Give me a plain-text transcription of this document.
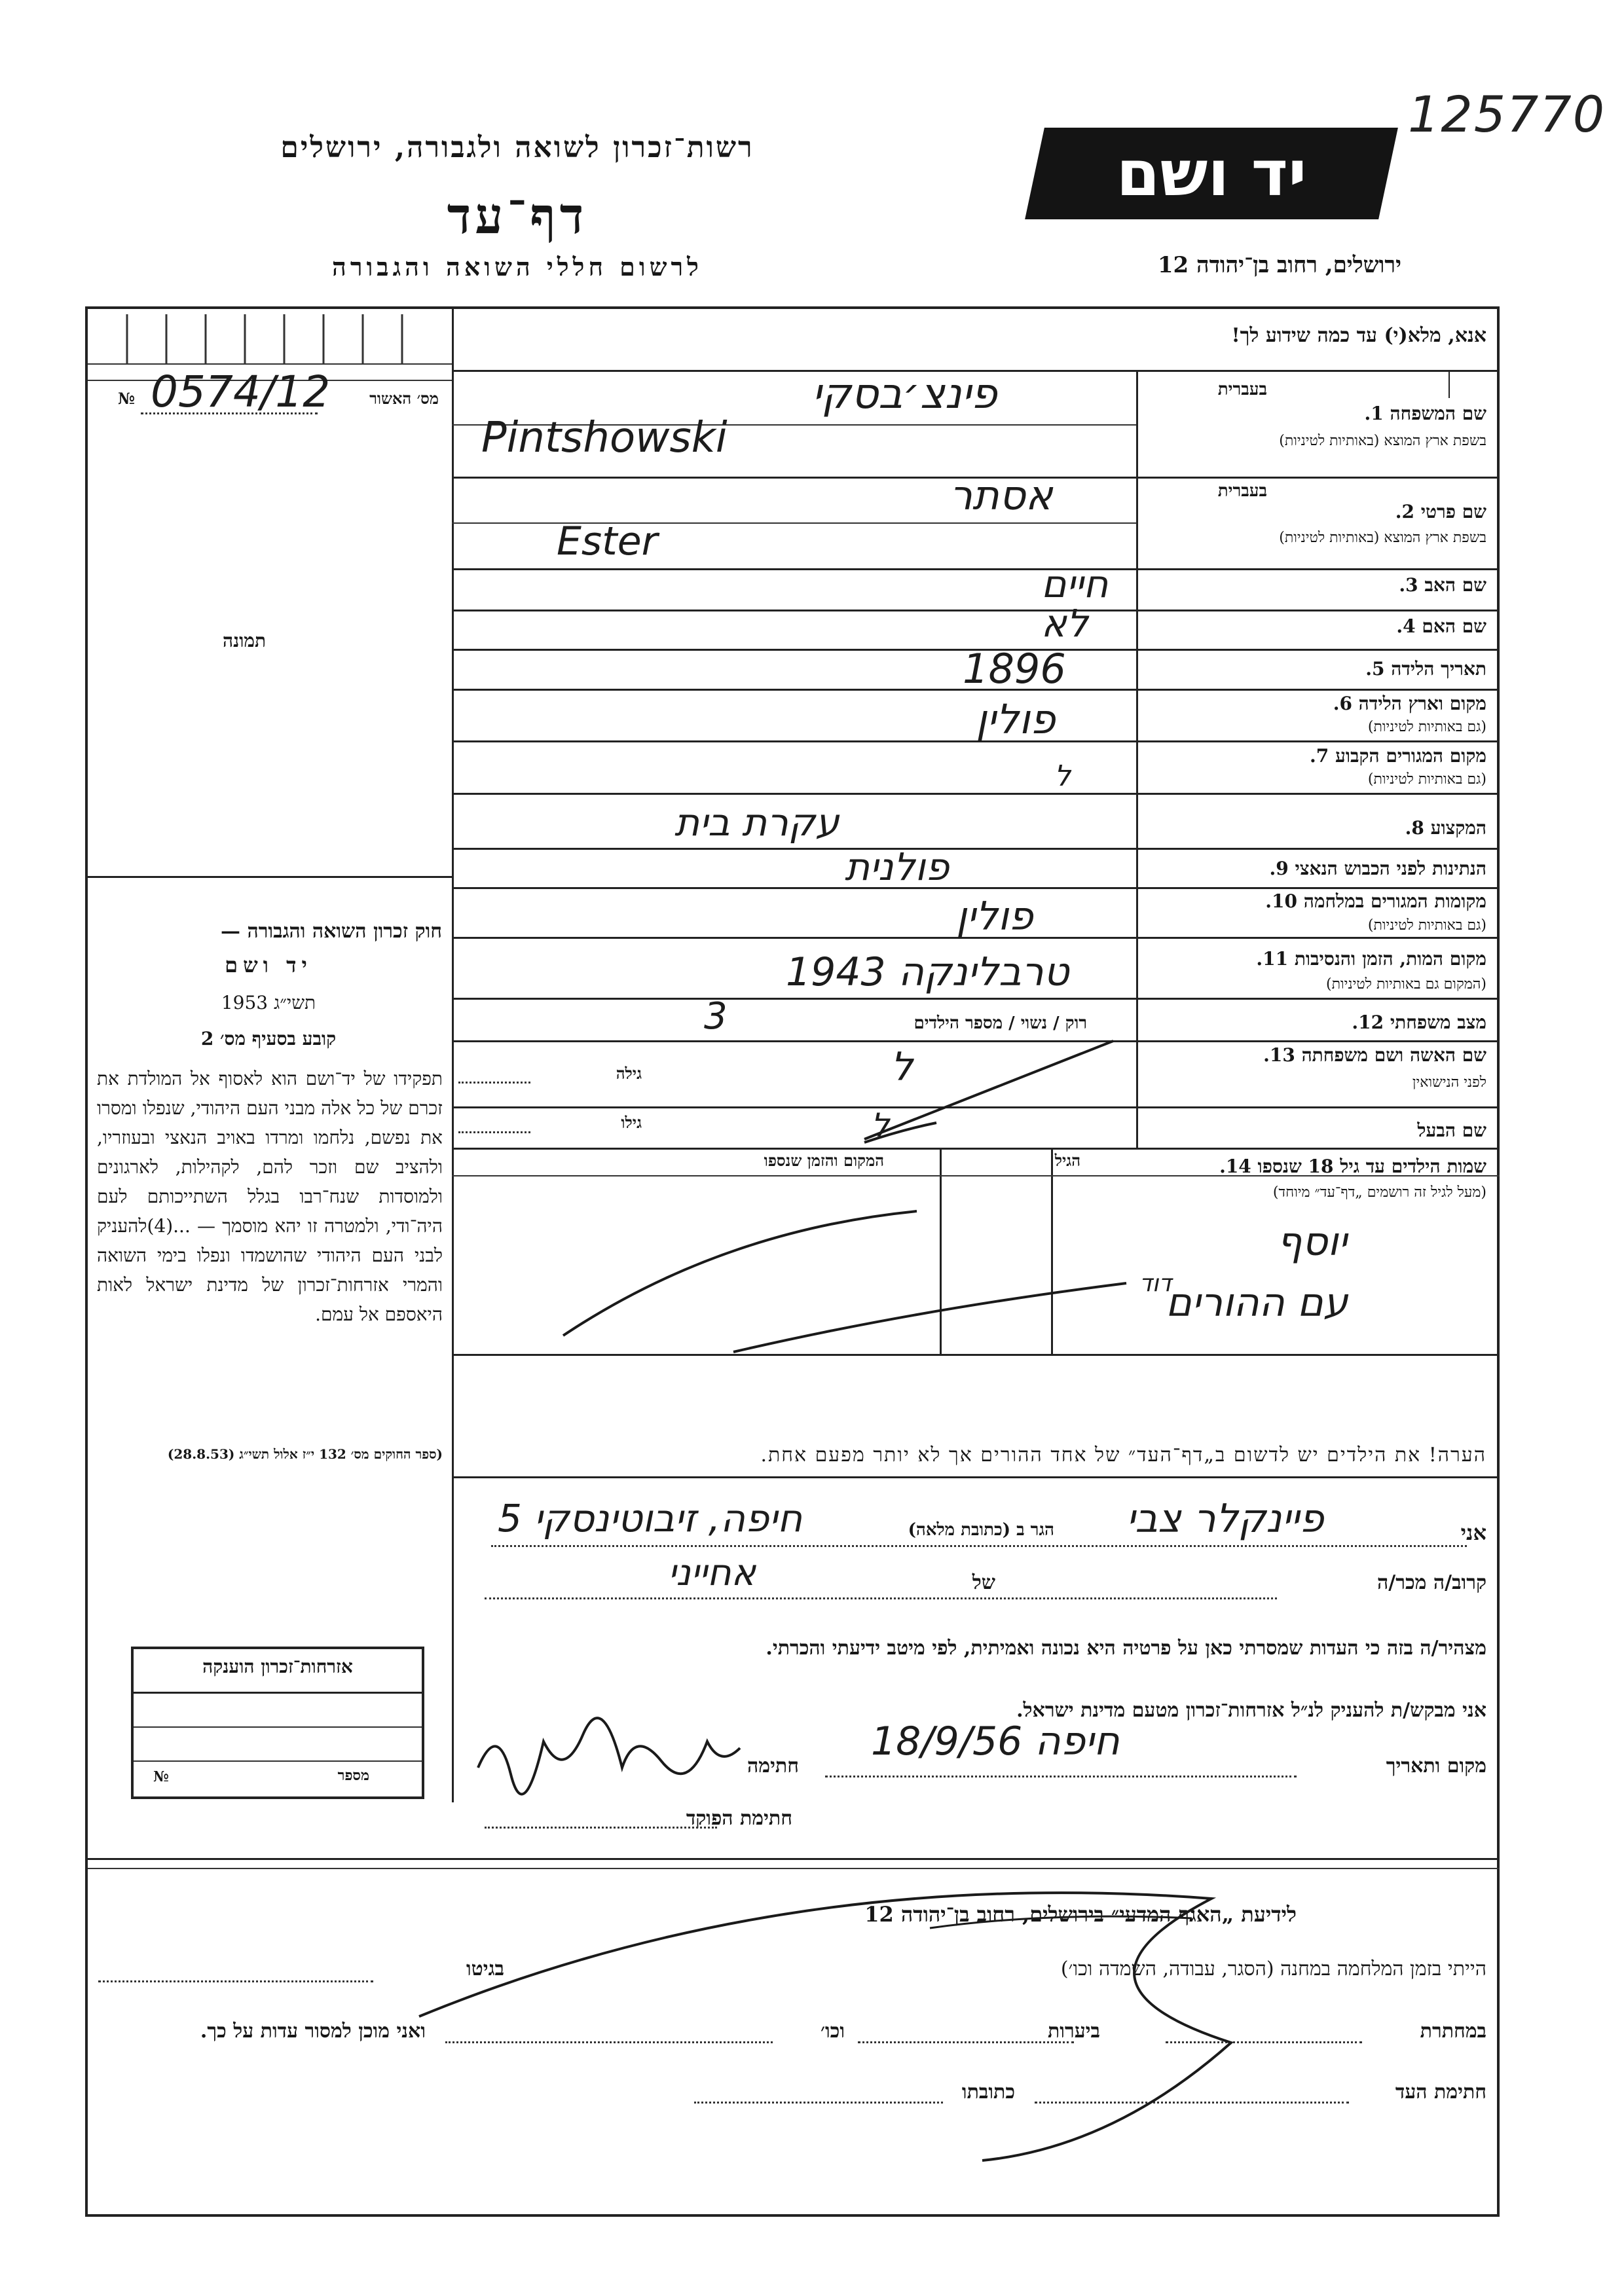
125770
רשות־זכרון לשואה ולגבורה, ירושלים
דף־עד
לרשום חללי השואה והגבורה
יד ושם
ירושלים, רחוב בן־יהודה 12
אנא, מלא(י) עד כמה שידוע לך!
מס׳ האשור
0574/12
№
תמונה
בעברית
שם המשפחה 1.
בשפת ארץ המוצא (באותיות לטיניות)
פינצ׳בסקי
Pintshowski
בעברית
שם פרטי 2.
בשפת ארץ המוצא (באותיות לטיניות)
אסתר
Ester
שם האב 3.
חיים
שם האם 4.
לא
תאריך הלידה 5.
1896
מקום וארץ הלידה 6.
(גם באותיות לטיניות)
פולין
מקום המגורים הקבוע 7.
(גם באותיות לטיניות)
ל
המקצוע 8.
עקרת בית
הנתינות לפני הכבוש הנאצי 9.
פולנית
מקומות המגורים במלחמה 10.
(גם באותיות לטיניות)
פולין
מקום המות, הזמן והנסיבות 11.
(המקום גם באותיות לטיניות)
טרבלינקה 1943
מצב משפחתי 12.
רוק / נשוי / מספר הילדים
3
שם האשה ושם משפחתה 13.
לפני הנישואין
גילה	ל
שם הבעל
גילו	ל
שמות הילדים עד גיל 18 שנספו 14.
(מעל לגיל זה רושמים „דף־עד״ מיוחד)
הגיל
המקום והזמן שנספו
יוסף
דוד
עם ההורים
הערה! את הילדים יש לדשום ב„דף־העד״ של אחד ההורים אך לא יותר מפעם אחת.
אני
פיינקלר צבי
הגר ב (כתובת מלאה)
חיפה, זיבוטינסקי 5
קרוב/ה מכר/ה
של
אחייני
מצהיר/ה בזה כי העדות שמסרתי כאן על פרטיה היא נכונה ואמיתית, לפי מיטב ידיעתי והכרתי.
אני מבקש/ת להעניק לנ״ל אזרחות־זכרון מטעם מדינת ישראל.
מקום ותאריך
חיפה 18/9/56
חתימה
חתימת הפוקד
חוק זכרון השואה והגבורה —
יד ושם
תשי״ג 1953
קובע בסעיף מס׳ 2
תפקידו של יד־ושם הוא לאסוף אל המולדת את זכרם של כל אלה מבני העם היהודי, שנפלו ומסרו את נפשם, נלחמו ומרדו באויב הנאצי ובעוזריו, ולהציב שם וזכר להם, לקהילות, לארגונים ולמוסדות שנח־רבו בגלל השתייכותם לעם היה־ודי, ולמטרה זו יהא מוסמך — ...(4)להעניק לבני העם היהודי שהושמדו ונפלו בימי השואה והמרי אזרחות־זכרון של מדינת ישראל לאות היאספם אל עמם.
(ספר החוקים מס׳ 132 י״ז אלול תשי״ג (28.8.53)
אזרחות־זכרון הוענקה
מספר
№
לידיעת „האגף המדעי״ בירושלים, רחוב בן־יהודה 12
הייתי בזמן המלחמה במחנה (הסגר, עבודה, השמדה וכו׳)
בגיטו
במחתרת
ביערות
וכו׳
ואני מוכן למסור עדות על כך.
חתימת העד
כתובתו
